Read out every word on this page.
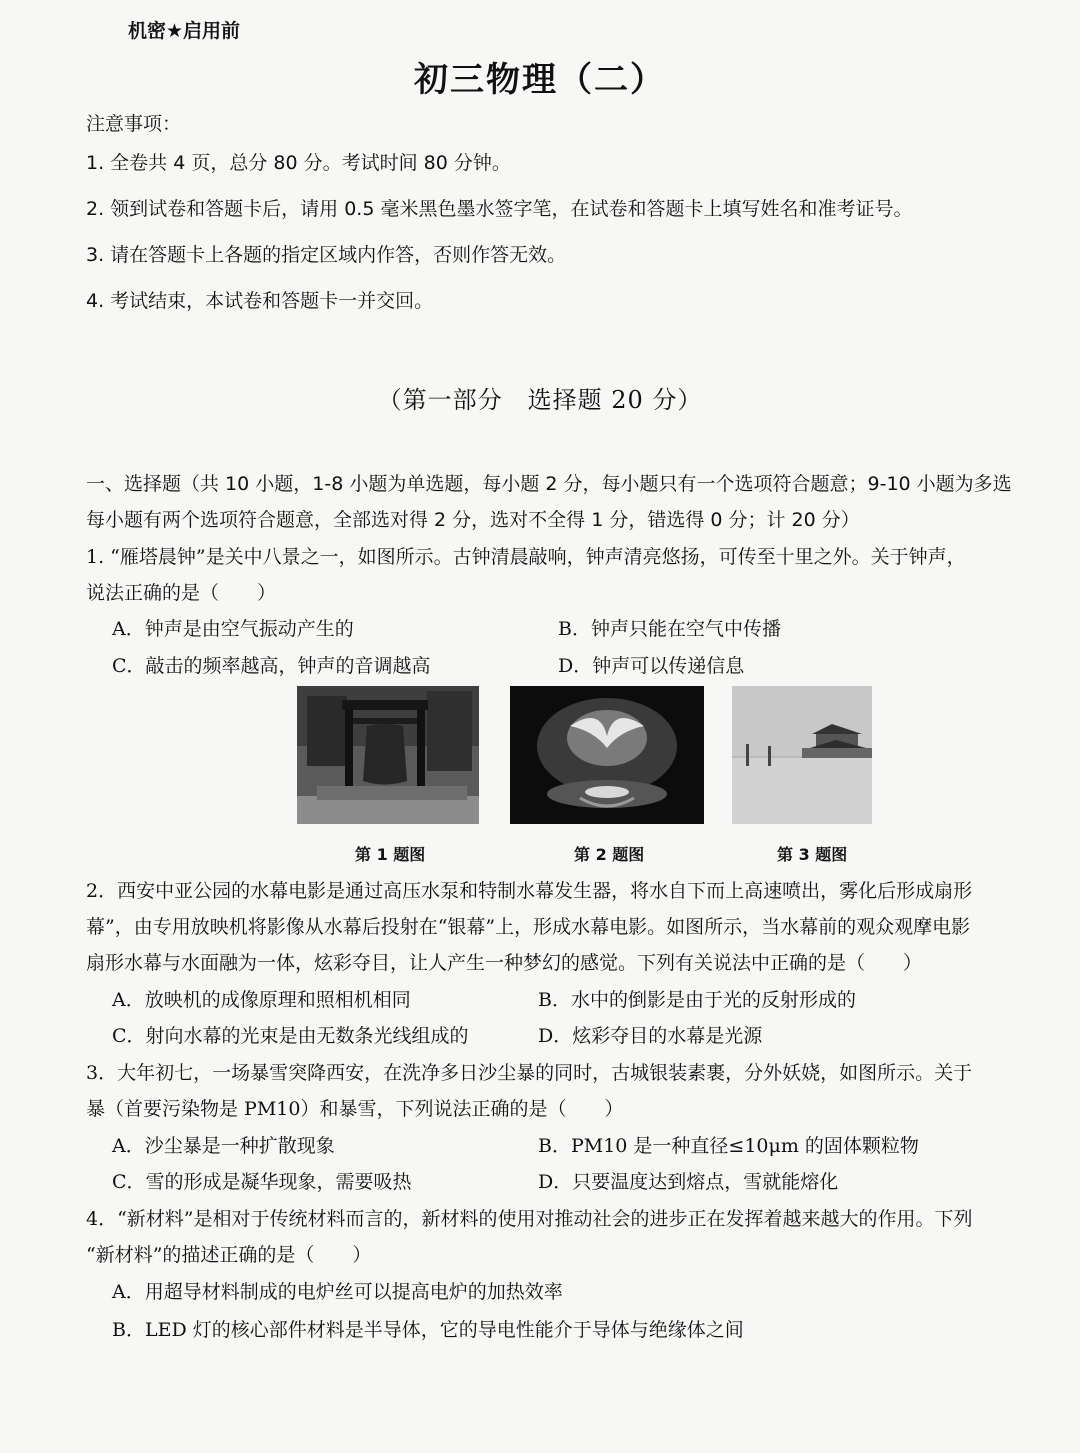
机密★启用前
初三物理（二）
注意事项：
1. 全卷共 4 页，总分 80 分。考试时间 80 分钟。
2. 领到试卷和答题卡后，请用 0.5 毫米黑色墨水签字笔，在试卷和答题卡上填写姓名和准考证号。
3. 请在答题卡上各题的指定区域内作答，否则作答无效。
4. 考试结束，本试卷和答题卡一并交回。
（第一部分　选择题 20 分）
一、选择题（共 10 小题，1-8 小题为单选题，每小题 2 分，每小题只有一个选项符合题意；9-10 小题为多选
每小题有两个选项符合题意，全部选对得 2 分，选对不全得 1 分，错选得 0 分；计 20 分）
1. “雁塔晨钟”是关中八景之一，如图所示。古钟清晨敲响，钟声清亮悠扬，可传至十里之外。关于钟声，
说法正确的是（　　）
A．钟声是由空气振动产生的	B．钟声只能在空气中传播
C．敲击的频率越高，钟声的音调越高	D．钟声可以传递信息
第 1 题图	第 2 题图	第 3 题图
2．西安中亚公园的水幕电影是通过高压水泵和特制水幕发生器，将水自下而上高速喷出，雾化后形成扇形
幕”，由专用放映机将影像从水幕后投射在“银幕”上，形成水幕电影。如图所示，当水幕前的观众观摩电影
扇形水幕与水面融为一体，炫彩夺目，让人产生一种梦幻的感觉。下列有关说法中正确的是（　　）
A．放映机的成像原理和照相机相同	B．水中的倒影是由于光的反射形成的
C．射向水幕的光束是由无数条光线组成的	D．炫彩夺目的水幕是光源
3．大年初七，一场暴雪突降西安，在洗净多日沙尘暴的同时，古城银装素裹，分外妖娆，如图所示。关于
暴（首要污染物是 PM10）和暴雪，下列说法正确的是（　　）
A．沙尘暴是一种扩散现象	B．PM10 是一种直径≤10μm 的固体颗粒物
C．雪的形成是凝华现象，需要吸热	D．只要温度达到熔点，雪就能熔化
4．“新材料”是相对于传统材料而言的，新材料的使用对推动社会的进步正在发挥着越来越大的作用。下列
“新材料”的描述正确的是（　　）
A．用超导材料制成的电炉丝可以提高电炉的加热效率
B．LED 灯的核心部件材料是半导体，它的导电性能介于导体与绝缘体之间
